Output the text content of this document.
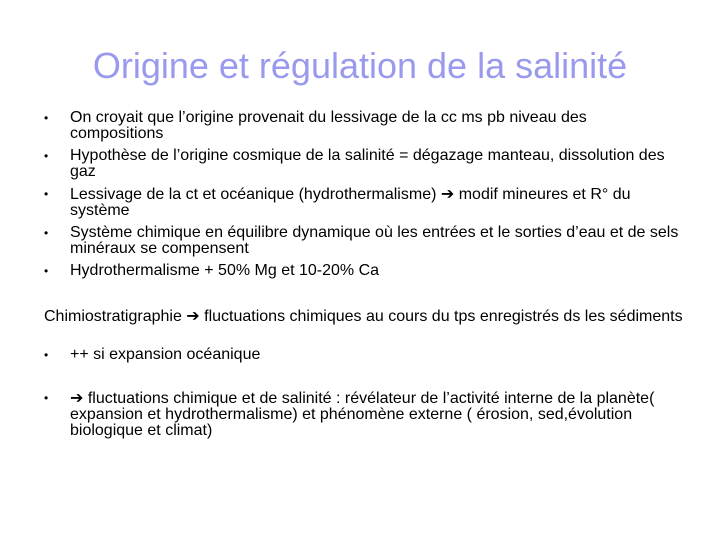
Origine et régulation de la salinité
•	On croyait que l’origine provenait du lessivage de la cc ms pb niveau des compositions
•	Hypothèse de l’origine cosmique de la salinité = dégazage manteau, dissolution des gaz
•	Lessivage de la ct et océanique (hydrothermalisme) ➔ modif mineures et R° du système
•	Système chimique en équilibre dynamique où les entrées et le sorties d’eau et de sels minéraux se compensent
•	Hydrothermalisme + 50% Mg et 10-20% Ca
Chimiostratigraphie ➔ fluctuations chimiques au cours du tps enregistrés ds les sédiments
•	++ si expansion océanique
•	➔ fluctuations chimique et de salinité : révélateur de l’activité interne de la planète( expansion et hydrothermalisme) et phénomène externe ( érosion, sed,évolution biologique et climat)
